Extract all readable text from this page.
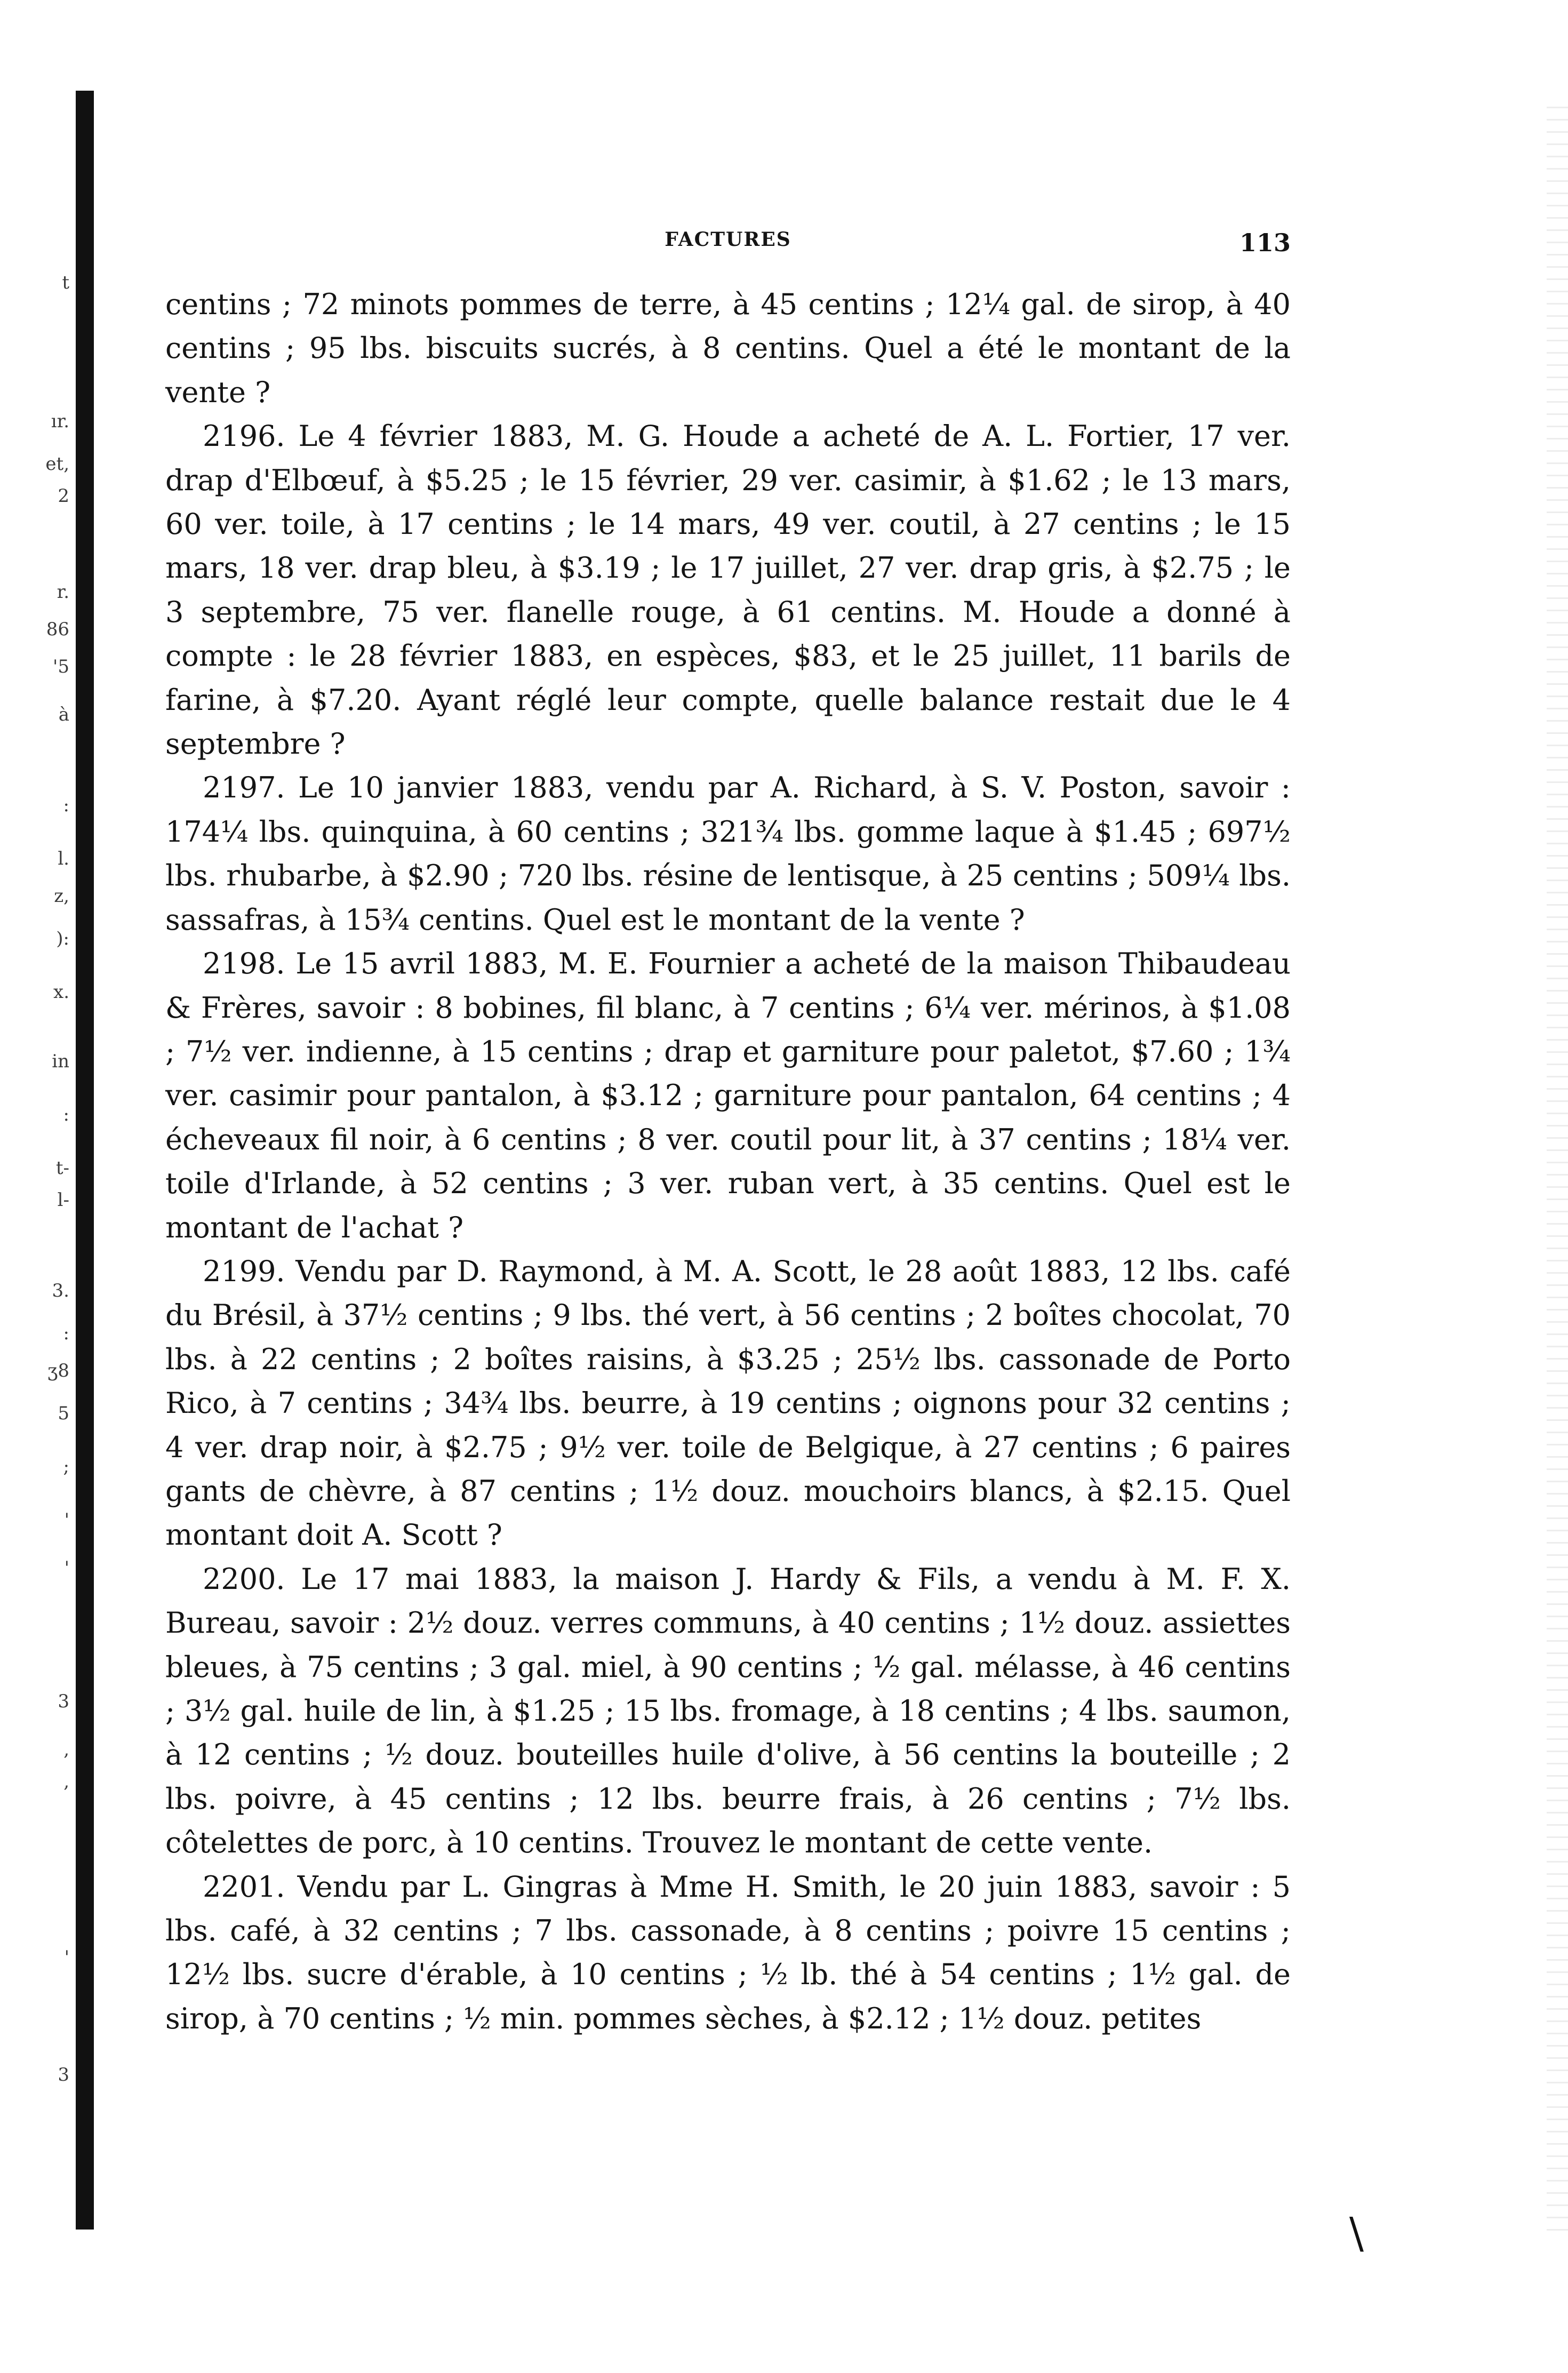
t
ır.
et,
2
r.
86
'5
à
:
l.
z,
):
x.
in
:
t-
l-
3.
:
ʒ8
5
;
'
'
3
,
,
'
3
FACTURES	113

centins ; 72 minots pommes de terre, à 45 centins ; 12¼ gal. de sirop, à 40 centins ; 95 lbs. biscuits sucrés, à 8 centins. Quel a été le montant de la vente ?

2196. Le 4 février 1883, M. G. Houde a acheté de A. L. Fortier, 17 ver. drap d'Elbœuf, à $5.25 ; le 15 février, 29 ver. casimir, à $1.62 ; le 13 mars, 60 ver. toile, à 17 centins ; le 14 mars, 49 ver. coutil, à 27 centins ; le 15 mars, 18 ver. drap bleu, à $3.19 ; le 17 juillet, 27 ver. drap gris, à $2.75 ; le 3 septembre, 75 ver. flanelle rouge, à 61 centins. M. Houde a donné à compte : le 28 février 1883, en espèces, $83, et le 25 juillet, 11 barils de farine, à $7.20. Ayant réglé leur compte, quelle balance restait due le 4 septembre ?

2197. Le 10 janvier 1883, vendu par A. Richard, à S. V. Poston, savoir : 174¼ lbs. quinquina, à 60 centins ; 321¾ lbs. gomme laque à $1.45 ; 697½ lbs. rhubarbe, à $2.90 ; 720 lbs. résine de lentisque, à 25 centins ; 509¼ lbs. sassafras, à 15¾ centins. Quel est le montant de la vente ?

2198. Le 15 avril 1883, M. E. Fournier a acheté de la maison Thibaudeau & Frères, savoir : 8 bobines, fil blanc, à 7 centins ; 6¼ ver. mérinos, à $1.08 ; 7½ ver. indienne, à 15 centins ; drap et garniture pour paletot, $7.60 ; 1¾ ver. casimir pour pantalon, à $3.12 ; garniture pour pantalon, 64 centins ; 4 écheveaux fil noir, à 6 centins ; 8 ver. coutil pour lit, à 37 centins ; 18¼ ver. toile d'Irlande, à 52 centins ; 3 ver. ruban vert, à 35 centins. Quel est le montant de l'achat ?

2199. Vendu par D. Raymond, à M. A. Scott, le 28 août 1883, 12 lbs. café du Brésil, à 37½ centins ; 9 lbs. thé vert, à 56 centins ; 2 boîtes chocolat, 70 lbs. à 22 centins ; 2 boîtes raisins, à $3.25 ; 25½ lbs. cassonade de Porto Rico, à 7 centins ; 34¾ lbs. beurre, à 19 centins ; oignons pour 32 centins ; 4 ver. drap noir, à $2.75 ; 9½ ver. toile de Belgique, à 27 centins ; 6 paires gants de chèvre, à 87 centins ; 1½ douz. mouchoirs blancs, à $2.15. Quel montant doit A. Scott ?

2200. Le 17 mai 1883, la maison J. Hardy & Fils, a vendu à M. F. X. Bureau, savoir : 2½ douz. verres communs, à 40 centins ; 1½ douz. assiettes bleues, à 75 centins ; 3 gal. miel, à 90 centins ; ½ gal. mélasse, à 46 centins ; 3½ gal. huile de lin, à $1.25 ; 15 lbs. fromage, à 18 centins ; 4 lbs. saumon, à 12 centins ; ½ douz. bouteilles huile d'olive, à 56 centins la bouteille ; 2 lbs. poivre, à 45 centins ; 12 lbs. beurre frais, à 26 centins ; 7½ lbs. côtelettes de porc, à 10 centins. Trouvez le montant de cette vente.

2201. Vendu par L. Gingras à Mme H. Smith, le 20 juin 1883, savoir : 5 lbs. café, à 32 centins ; 7 lbs. cassonade, à 8 centins ; poivre 15 centins ; 12½ lbs. sucre d'érable, à 10 centins ; ½ lb. thé à 54 centins ; 1½ gal. de sirop, à 70 centins ; ½ min. pommes sèches, à $2.12 ; 1½ douz. petites

\
